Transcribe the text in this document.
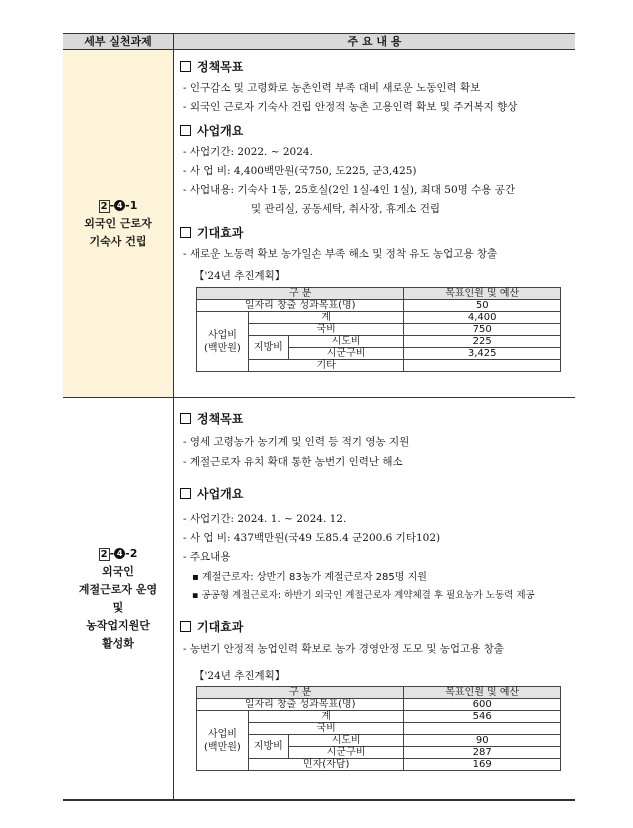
세부 실천과제	주 요 내 용
2 - 4 -1
외국인 근로자
기숙사 건립
정책목표
- 인구감소 및 고령화로 농촌인력 부족 대비 새로운 노동인력 확보
- 외국인 근로자 기숙사 건립 안정적 농촌 고용인력 확보 및 주거복지 향상
사업개요
- 사업기간: 2022. ~ 2024.
- 사 업 비: 4,400백만원(국750, 도225, 군3,425)
- 사업내용: 기숙사 1동, 25호실(2인 1실-4인 1실), 최대 50명 수용 공간
및 관리실, 공동세탁, 취사장, 휴게소 건립
기대효과
- 새로운 노동력 확보 농가일손 부족 해소 및 정착 유도 농업고용 창출
【'24년 추진계획】
구 분			목표인원 및 예산
일자리 창출 성과목표(명)			50
사업비
(백만원)	계		4,400
	국비		750
	지방비	시도비	225
		시군구비	3,425
	기타		
2 - 4 -2
외국인
계절근로자 운영
및
농작업지원단
활성화
정책목표
- 영세 고령농가 농기계 및 인력 등 적기 영농 지원
- 계절근로자 유치 확대 통한 농번기 인력난 해소
사업개요
- 사업기간: 2024. 1. ~ 2024. 12.
- 사 업 비: 437백만원(국49 도85.4 군200.6 기타102)
- 주요내용
▪ 계절근로자: 상반기 83농가 계절근로자 285명 지원
▪ 공공형 계절근로자: 하반기 외국인 계절근로자 계약체결 후 필요농가 노동력 제공
기대효과
- 농번기 안정적 농업인력 확보로 농가 경영안정 도모 및 농업고용 창출
【'24년 추진계획】
구 분			목표인원 및 예산
일자리 창출 성과목표(명)			600
사업비
(백만원)	계		546
	국비		
	지방비	시도비	90
		시군구비	287
	민자(자담)		169
